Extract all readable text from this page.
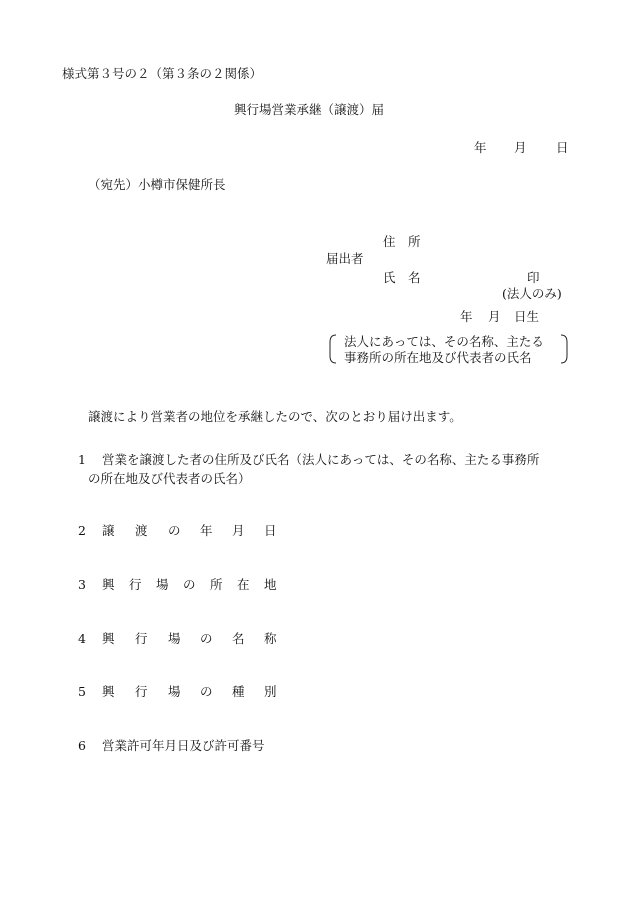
様式第３号の２（第３条の２関係）
興行場営業承継（譲渡）届
年 月 日
（宛先）小樽市保健所長
住　所
届出者
氏　名	印
(法人のみ)
年 月 日生
法人にあっては、その名称、主たる
事務所の所在地及び代表者の氏名
譲渡により営業者の地位を承継したので、次のとおり届け出ます。
1 営業を譲渡した者の住所及び氏名（法人にあっては、その名称、主たる事務所
の所在地及び代表者の氏名）
2 譲 渡 の 年 月 日
3 興 行 場 の 所 在 地
4 興 行 場 の 名 称
5 興 行 場 の 種 別
6 営業許可年月日及び許可番号
